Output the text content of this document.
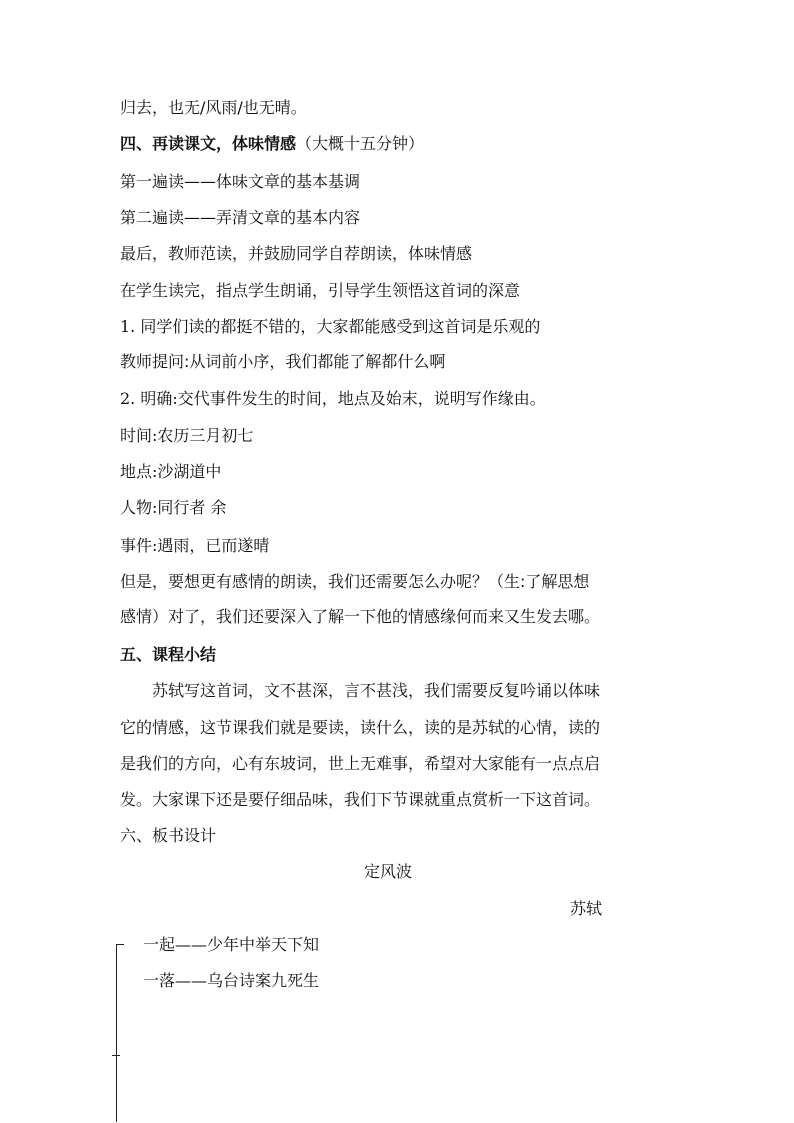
归去，也无/风雨/也无晴。
四、再读课文，体味情感（大概十五分钟）
第一遍读——体味文章的基本基调
第二遍读——弄清文章的基本内容
最后，教师范读，并鼓励同学自荐朗读，体味情感
在学生读完，指点学生朗诵，引导学生领悟这首词的深意
1. 同学们读的都挺不错的，大家都能感受到这首词是乐观的
教师提问:从词前小序，我们都能了解都什么啊
2. 明确:交代事件发生的时间，地点及始末，说明写作缘由。
时间:农历三月初七
地点:沙湖道中
人物:同行者 余
事件:遇雨，已而遂晴
但是，要想更有感情的朗读，我们还需要怎么办呢？（生:了解思想
感情）对了，我们还要深入了解一下他的情感缘何而来又生发去哪。
五、课程小结
苏轼写这首词，文不甚深，言不甚浅，我们需要反复吟诵以体味
它的情感，这节课我们就是要读，读什么，读的是苏轼的心情，读的
是我们的方向，心有东坡词，世上无难事，希望对大家能有一点点启
发。大家课下还是要仔细品味，我们下节课就重点赏析一下这首词。
六、板书设计
定风波
苏轼
一起——少年中举天下知
一落——乌台诗案九死生
